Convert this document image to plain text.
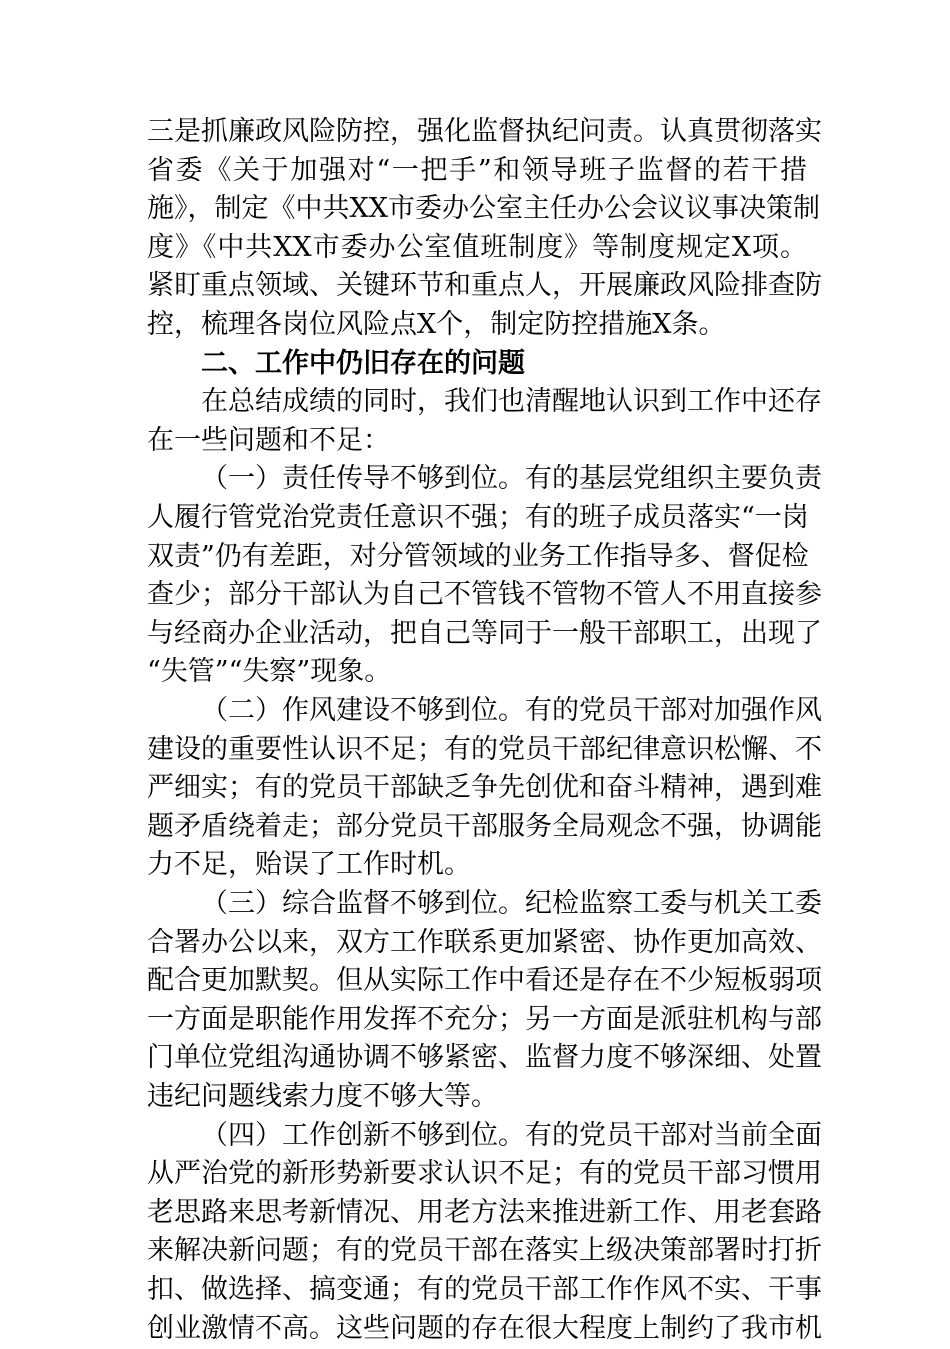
三是抓廉政风险防控，强化监督执纪问责。认真贯彻落实
省委《关于加强对“一把手”和领导班子监督的若干措
施》，制定《中共XX市委办公室主任办公会议议事决策制
度》《中共XX市委办公室值班制度》等制度规定X项。
紧盯重点领域、关键环节和重点人，开展廉政风险排查防
控，梳理各岗位风险点X个，制定防控措施X条。
二、工作中仍旧存在的问题
在总结成绩的同时，我们也清醒地认识到工作中还存
在一些问题和不足：
（一）责任传导不够到位。有的基层党组织主要负责
人履行管党治党责任意识不强；有的班子成员落实“一岗
双责”仍有差距，对分管领域的业务工作指导多、督促检
查少；部分干部认为自己不管钱不管物不管人不用直接参
与经商办企业活动，把自己等同于一般干部职工，出现了
“失管”“失察”现象。
（二）作风建设不够到位。有的党员干部对加强作风
建设的重要性认识不足；有的党员干部纪律意识松懈、不
严细实；有的党员干部缺乏争先创优和奋斗精神，遇到难
题矛盾绕着走；部分党员干部服务全局观念不强，协调能
力不足，贻误了工作时机。
（三）综合监督不够到位。纪检监察工委与机关工委
合署办公以来，双方工作联系更加紧密、协作更加高效、
配合更加默契。但从实际工作中看还是存在不少短板弱项
一方面是职能作用发挥不充分；另一方面是派驻机构与部
门单位党组沟通协调不够紧密、监督力度不够深细、处置
违纪问题线索力度不够大等。
（四）工作创新不够到位。有的党员干部对当前全面
从严治党的新形势新要求认识不足；有的党员干部习惯用
老思路来思考新情况、用老方法来推进新工作、用老套路
来解决新问题；有的党员干部在落实上级决策部署时打折
扣、做选择、搞变通；有的党员干部工作作风不实、干事
创业激情不高。这些问题的存在很大程度上制约了我市机
